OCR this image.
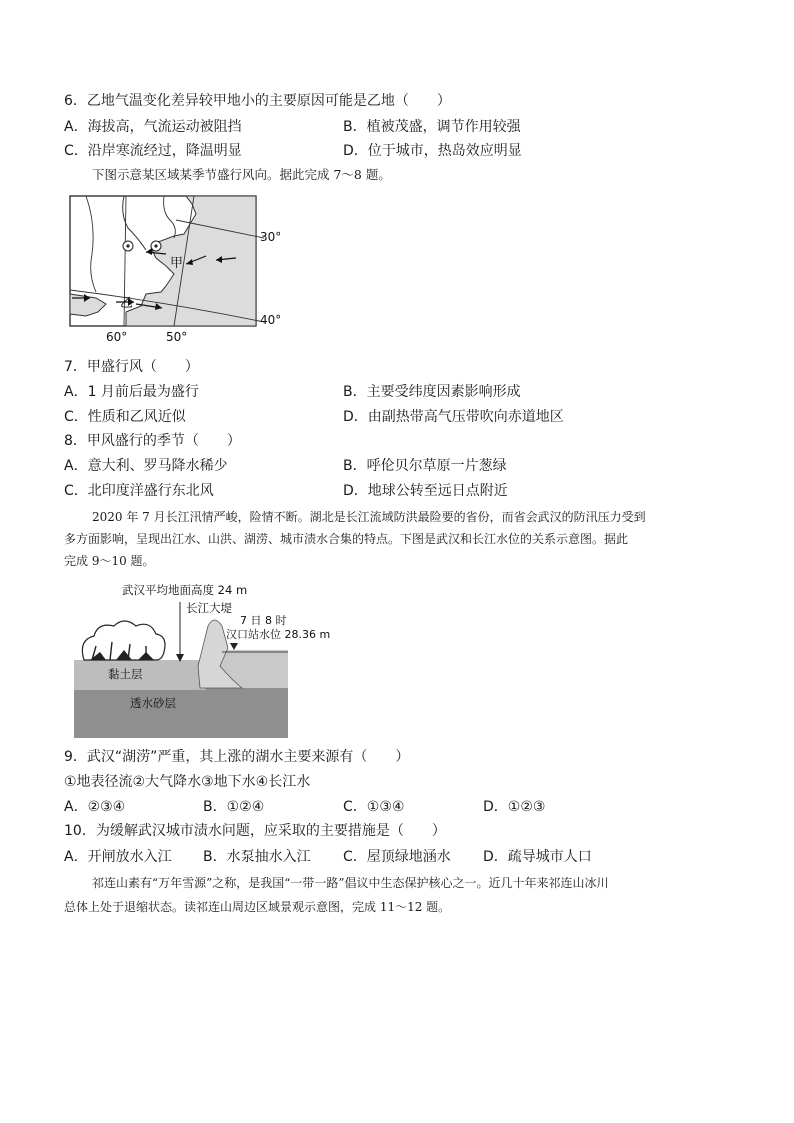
6．乙地气温变化差异较甲地小的主要原因可能是乙地（　　）
A．海拔高，气流运动被阻挡	B．植被茂盛，调节作用较强
C．沿岸寒流经过，降温明显	D．位于城市，热岛效应明显
下图示意某区域某季节盛行风向。据此完成 7～8 题。
甲
乙
30°
40°
60°	50°
7．甲盛行风（　　）
A．1 月前后最为盛行	B．主要受纬度因素影响形成
C．性质和乙风近似	D．由副热带高气压带吹向赤道地区
8．甲风盛行的季节（　　）
A．意大利、罗马降水稀少	B．呼伦贝尔草原一片葱绿
C．北印度洋盛行东北风	D．地球公转至远日点附近
2020 年 7 月长江汛情严峻，险情不断。湖北是长江流域防洪最险要的省份，而省会武汉的防汛压力受到
多方面影响，呈现出江水、山洪、湖涝、城市渍水合集的特点。下图是武汉和长江水位的关系示意图。据此
完成 9～10 题。
武汉平均地面高度 24 m
长江大堤
7 日 8 时
汉口站水位 28.36 m
黏土层
透水砂层
9．武汉“湖涝”严重，其上涨的湖水主要来源有（　　）
①地表径流②大气降水③地下水④长江水
A．②③④	B．①②④	C．①③④	D．①②③
10．为缓解武汉城市渍水问题，应采取的主要措施是（　　）
A．开闸放水入江 B．水泵抽水入江 C．屋顶绿地涵水 D．疏导城市人口
祁连山素有“万年雪源”之称，是我国“一带一路”倡议中生态保护核心之一。近几十年来祁连山冰川
总体上处于退缩状态。读祁连山周边区域景观示意图，完成 11～12 题。
